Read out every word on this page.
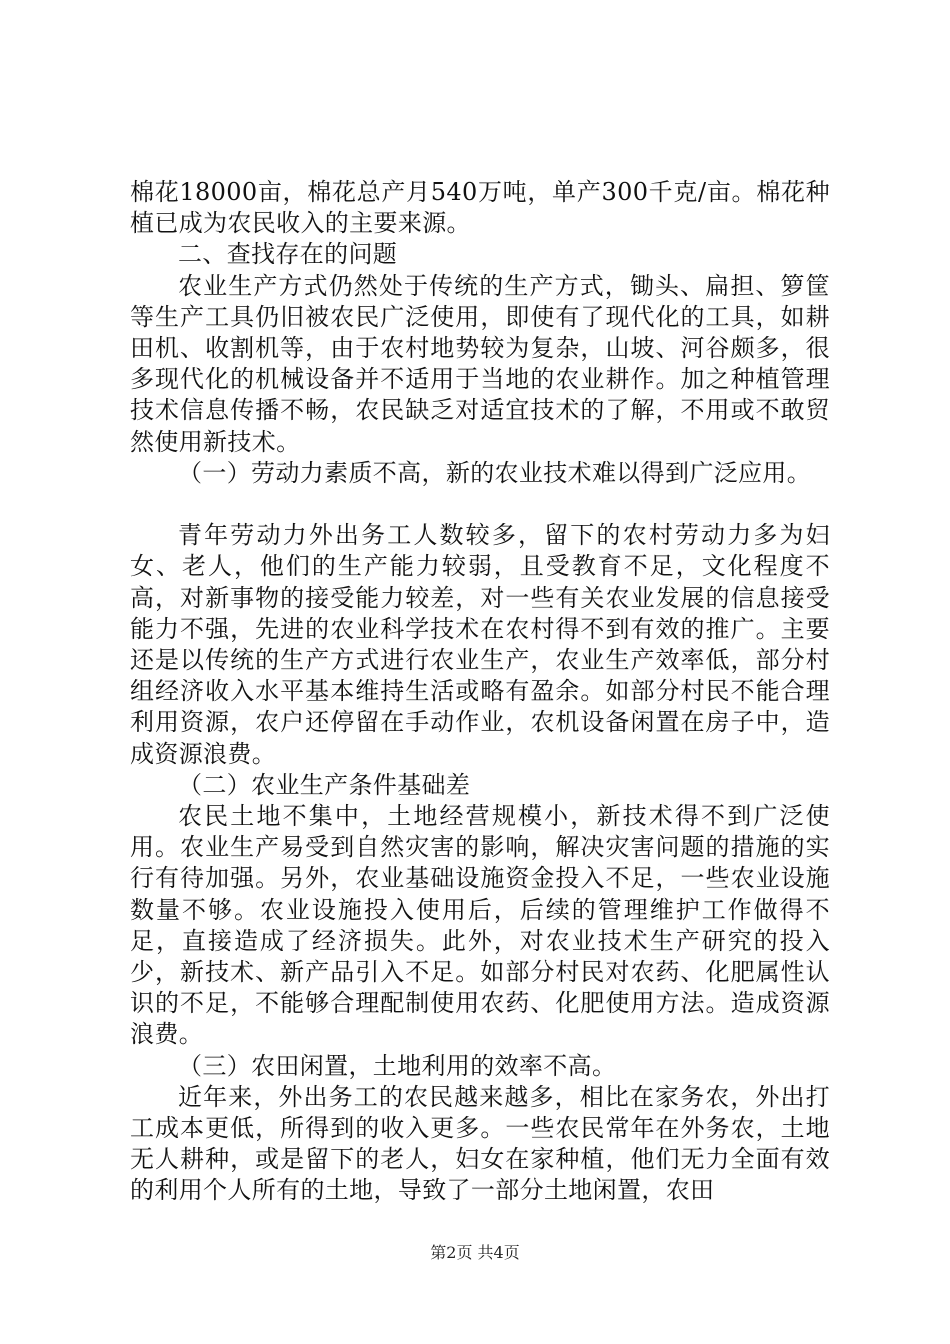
棉花18000亩，棉花总产月540万吨，单产300千克/亩。棉花种植已成为农民收入的主要来源。

二、查找存在的问题

农业生产方式仍然处于传统的生产方式，锄头、扁担、箩筐等生产工具仍旧被农民广泛使用，即使有了现代化的工具，如耕田机、收割机等，由于农村地势较为复杂，山坡、河谷颇多，很多现代化的机械设备并不适用于当地的农业耕作。加之种植管理技术信息传播不畅，农民缺乏对适宜技术的了解，不用或不敢贸然使用新技术。

（一）劳动力素质不高，新的农业技术难以得到广泛应用。

青年劳动力外出务工人数较多，留下的农村劳动力多为妇女、老人，他们的生产能力较弱，且受教育不足，文化程度不高，对新事物的接受能力较差，对一些有关农业发展的信息接受能力不强，先进的农业科学技术在农村得不到有效的推广。主要还是以传统的生产方式进行农业生产，农业生产效率低，部分村组经济收入水平基本维持生活或略有盈余。如部分村民不能合理利用资源，农户还停留在手动作业，农机设备闲置在房子中，造成资源浪费。

（二）农业生产条件基础差

农民土地不集中，土地经营规模小，新技术得不到广泛使用。农业生产易受到自然灾害的影响，解决灾害问题的措施的实行有待加强。另外，农业基础设施资金投入不足，一些农业设施数量不够。农业设施投入使用后，后续的管理维护工作做得不足，直接造成了经济损失。此外，对农业技术生产研究的投入少，新技术、新产品引入不足。如部分村民对农药、化肥属性认识的不足，不能够合理配制使用农药、化肥使用方法。造成资源浪费。

（三）农田闲置，土地利用的效率不高。

近年来，外出务工的农民越来越多，相比在家务农，外出打工成本更低，所得到的收入更多。一些农民常年在外务农，土地无人耕种，或是留下的老人，妇女在家种植，他们无力全面有效的利用个人所有的土地，导致了一部分土地闲置，农田

第2页 共4页
